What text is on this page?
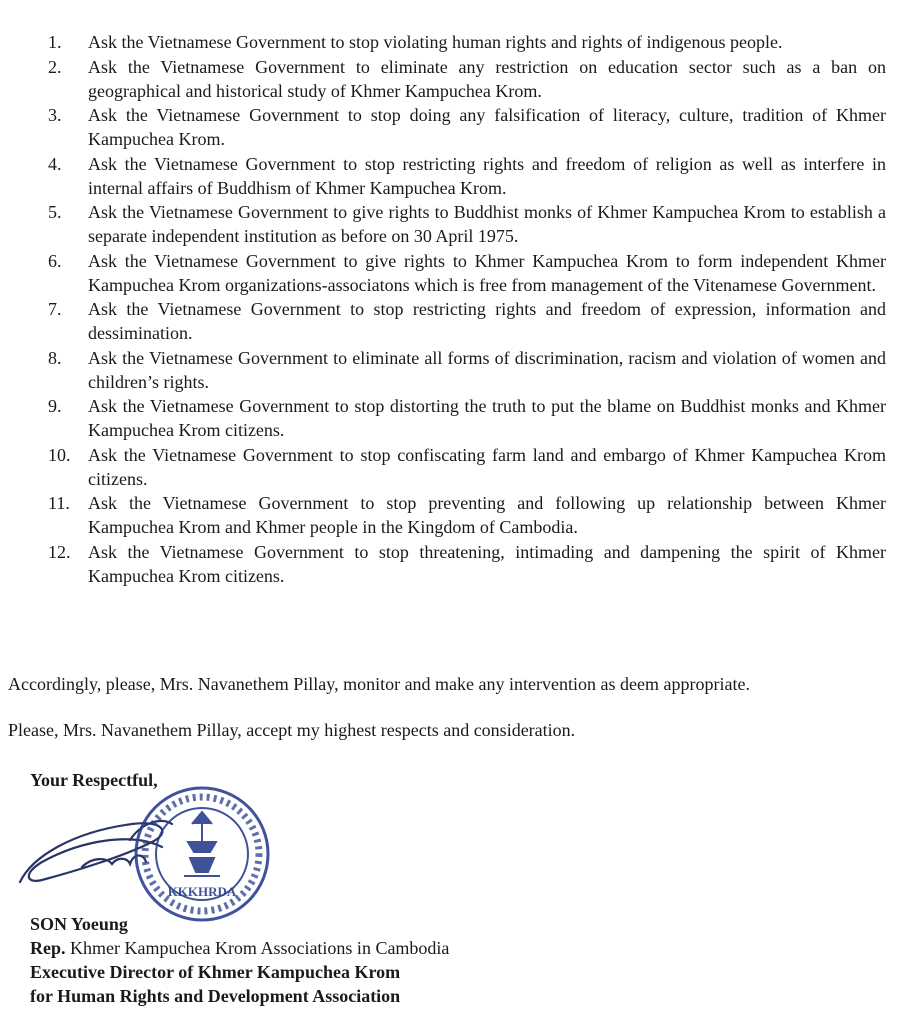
1.	Ask the Vietnamese Government to stop violating human rights and rights of indigenous people.
2.	Ask the Vietnamese Government to eliminate any restriction on education sector such as a ban on geographical and historical study of Khmer Kampuchea Krom.
3.	Ask the Vietnamese Government to stop doing any falsification of literacy, culture, tradition of Khmer Kampuchea Krom.
4.	Ask the Vietnamese Government to stop restricting rights and freedom of religion as well as interfere in internal affairs of Buddhism of Khmer Kampuchea Krom.
5.	Ask the Vietnamese Government to give rights to Buddhist monks of Khmer Kampuchea Krom to establish a separate independent institution as before on 30 April 1975.
6.	Ask the Vietnamese Government to give rights to Khmer Kampuchea Krom to form independent Khmer Kampuchea Krom organizations-associatons which is free from management of the Vitenamese Government.
7.	Ask the Vietnamese Government to stop restricting rights and freedom of expression, information and dessimination.
8.	Ask the Vietnamese Government to eliminate all forms of discrimination, racism and violation of women and children’s rights.
9.	Ask the Vietnamese Government to stop distorting the truth to put the blame on Buddhist monks and Khmer Kampuchea Krom citizens.
10. Ask the Vietnamese Government to stop confiscating farm land and embargo of Khmer Kampuchea Krom citizens.
11.	Ask the Vietnamese Government to stop preventing and following up relationship between Khmer Kampuchea Krom and Khmer people in the Kingdom of Cambodia.
12. Ask the Vietnamese Government to stop threatening, intimading and dampening the spirit of Khmer Kampuchea Krom citizens.

Accordingly, please, Mrs. Navanethem Pillay, monitor and make any intervention as deem appropriate.

Please, Mrs. Navanethem Pillay, accept my highest respects and consideration.

Your Respectful,

KKKHRDA
SON Yoeung
Rep. Khmer Kampuchea Krom Associations in Cambodia
Executive Director of Khmer Kampuchea Krom
for Human Rights and Development Association
